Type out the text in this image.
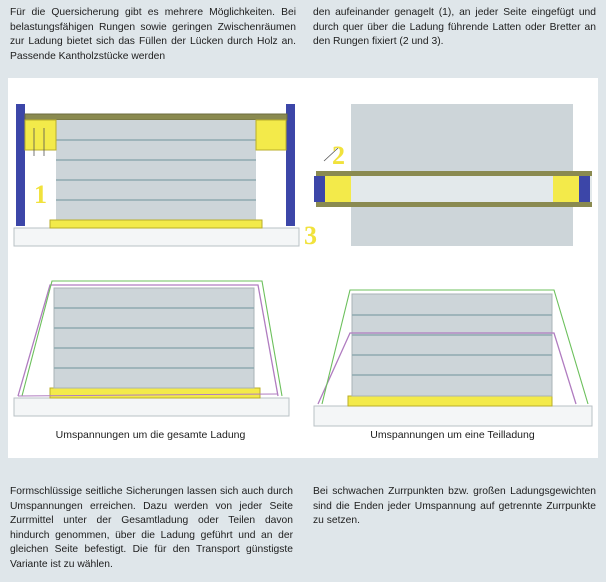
Für die Quersicherung gibt es mehrere Möglichkeiten. Bei belastungsfähigen Rungen sowie geringen Zwischenräumen zur Ladung bietet sich das Füllen der Lücken durch Holz an. Passende Kantholzstücke werden
den aufeinander genagelt (1), an jeder Seite eingefügt und durch quer über die Ladung führende Latten oder Bretter an den Rungen fixiert (2 und 3).
1
2
3
Umspannungen um die gesamte Ladung	Umspannungen um eine Teilladung
Formschlüssige seitliche Sicherungen lassen sich auch durch Umspannungen erreichen. Dazu werden von jeder Seite Zurrmittel unter der Gesamtladung oder Teilen davon hindurch genommen, über die Ladung geführt und an der gleichen Seite befestigt. Die für den Transport günstigste Variante ist zu wählen.
Bei schwachen Zurrpunkten bzw. großen Ladungsgewichten sind die Enden jeder Umspannung auf getrennte Zurrpunkte zu setzen.
